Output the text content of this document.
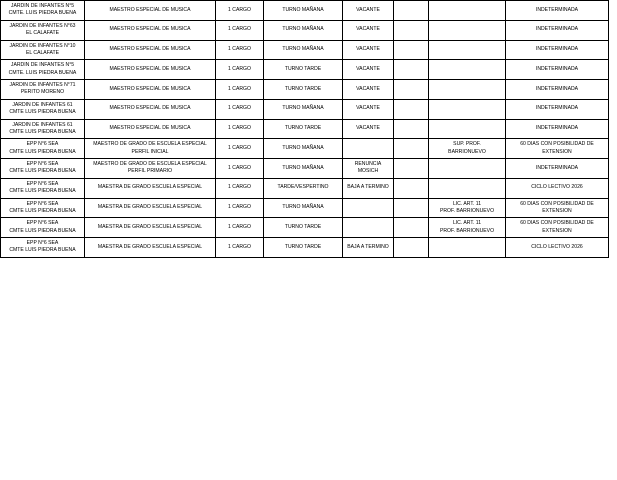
JARDIN DE INFANTES N°5
CMTE. LUIS PIEDRA BUENA	MAESTRO ESPECIAL DE MUSICA	1 CARGO	TURNO MAÑANA	VACANTE			INDETERMINADA

JARDIN DE INFANTES N°63
EL CALAFATE	MAESTRO ESPECIAL DE MUSICA	1 CARGO	TURNO MAÑANA	VACANTE			INDETERMINADA

JARDIN DE INFANTES N°10
EL CALAFATE	MAESTRO ESPECIAL DE MUSICA	1 CARGO	TURNO MAÑANA	VACANTE			INDETERMINADA

JARDIN DE INFANTES N°5
CMTE. LUIS PIEDRA BUENA	MAESTRO ESPECIAL DE MUSICA	1 CARGO	TURNO TARDE	VACANTE			INDETERMINADA

JARDIN DE INFANTES N°71
PERITO MORENO	MAESTRO ESPECIAL DE MUSICA	1 CARGO	TURNO TARDE	VACANTE			INDETERMINADA

JARDIN DE INFANTES 61
CMTE LUIS PIEDRA BUENA	MAESTRO ESPECIAL DE MUSICA	1 CARGO	TURNO MAÑANA	VACANTE			INDETERMINADA

JARDIN DE INFANTES 61
CMTE LUIS PIEDRA BUENA	MAESTRO ESPECIAL DE MUSICA	1 CARGO	TURNO TARDE	VACANTE			INDETERMINADA

EPP N°6 SEA
CMTE LUIS PIEDRA BUENA	MAESTRO DE GRADO DE ESCUELA ESPECIAL
PERFIL INICIAL	1 CARGO	TURNO MAÑANA			SUP. PROF.
BARRIONUEVO	60 DIAS CON POSIBILIDAD DE
EXTENSION

EPP N°6 SEA
CMTE LUIS PIEDRA BUENA	MAESTRO DE GRADO DE ESCUELA ESPECIAL
PERFIL PRIMARIO	1 CARGO	TURNO MAÑANA	RENUNCIA
MOSICH			INDETERMINADA

EPP N°6 SEA
CMTE LUIS PIEDRA BUENA	MAESTRA DE GRADO ESCUELA ESPECIAL	1 CARGO	TARDE/VESPERTINO	BAJA A TERMINO			CICLO LECTIVO 2026

EPP N°6 SEA
CMTE LUIS PIEDRA BUENA	MAESTRA DE GRADO ESCUELA ESPECIAL	1 CARGO	TURNO MAÑANA			LIC. ART. 11
PROF. BARRIONUEVO	60 DIAS CON POSIBILIDAD DE
EXTENSION

EPP N°6 SEA
CMTE LUIS PIEDRA BUENA	MAESTRA DE GRADO ESCUELA ESPECIAL	1 CARGO	TURNO TARDE			LIC. ART. 11
PROF. BARRIONUEVO	60 DIAS CON POSIBILIDAD DE
EXTENSION

EPP N°6 SEA
CMTE LUIS PIEDRA BUENA	MAESTRA DE GRADO ESCUELA ESPECIAL	1 CARGO	TURNO TARDE	BAJA A TERMINO			CICLO LECTIVO 2026
